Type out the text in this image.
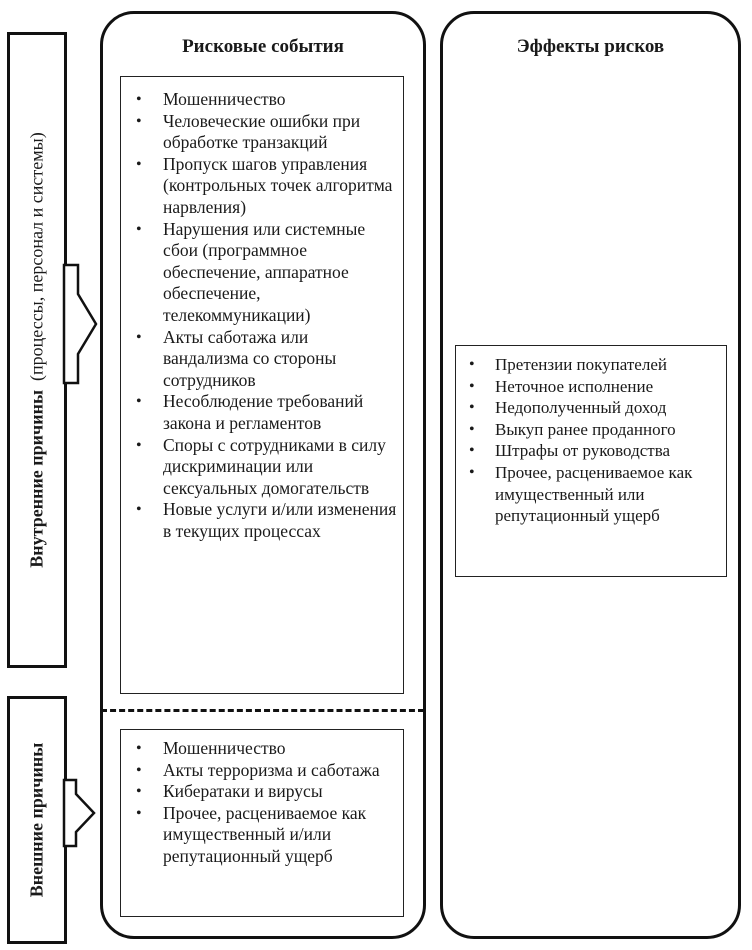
Внутренние причины  (процессы, персонал и системы)
Внешние причины
Рисковые события	Эффекты рисков
• Мошенничество
• Человеческие ошибки при обработке транзакций
• Пропуск шагов управления (контрольных точек алгоритма нарвления)
• Нарушения или системные сбои (программное обеспечение, аппаратное обеспечение, телекоммуникации)
• Акты саботажа или вандализма со стороны сотрудников
• Несоблюдение требований закона и регламентов
• Споры с сотрудниками в силу дискриминации или сексуальных домогательств
• Новые услуги и/или изменения в текущих процессах
• Мошенничество
• Акты терроризма и саботажа
• Кибератаки и вирусы
• Прочее, расцениваемое как имущественный и/или репутационный ущерб
• Претензии покупателей
• Неточное исполнение
• Недополученный доход
• Выкуп ранее проданного
• Штрафы от руководства
• Прочее, расцениваемое как имущественный или репутационный ущерб
